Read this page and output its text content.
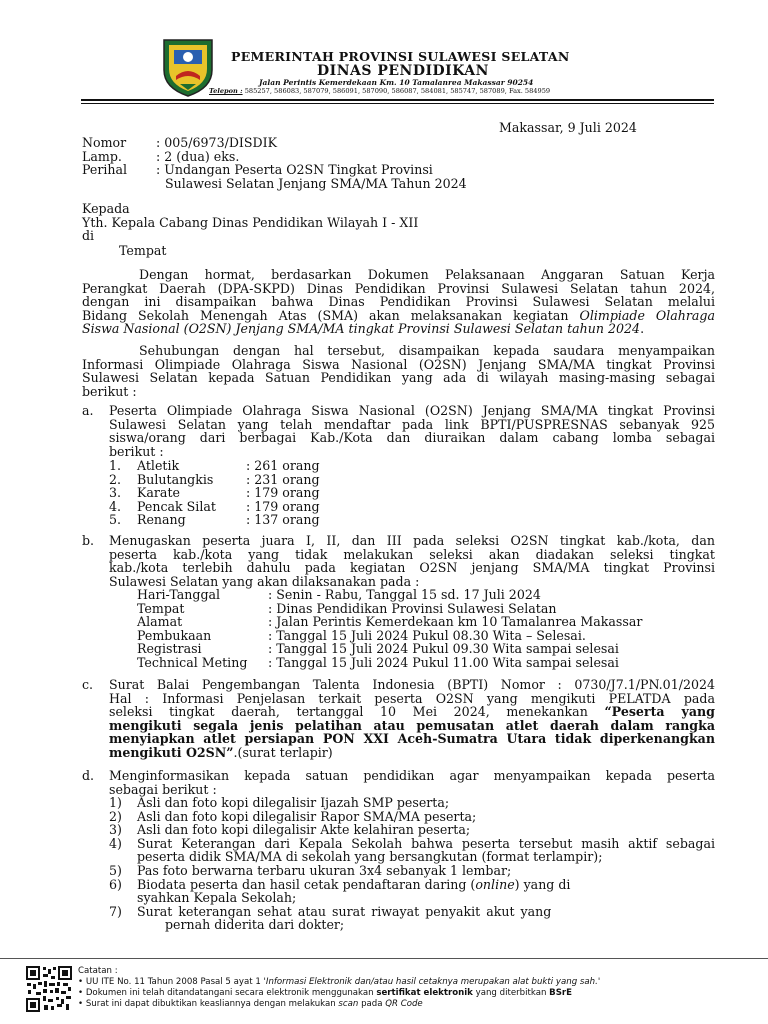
PEMERINTAH PROVINSI SULAWESI SELATAN
DINAS PENDIDIKAN
Jalan Perintis Kemerdekaan Km. 10 Tamalanrea Makassar 90254
Telepon : 585257, 586083, 587079, 586091, 587090, 586087, 584081, 585747, 587089, Fax. 584959
Makassar, 9 Juli 2024
Nomor : 005/6973/DISDIK
Lamp.	: 2 (dua) eks.
Perihal : Undangan Peserta O2SN Tingkat Provinsi
Sulawesi Selatan Jenjang SMA/MA Tahun 2024
Kepada
Yth. Kepala Cabang Dinas Pendidikan Wilayah I - XII
di
Tempat
Dengan hormat, berdasarkan Dokumen Pelaksanaan Anggaran Satuan Kerja
Perangkat Daerah (DPA-SKPD) Dinas Pendidikan Provinsi Sulawesi Selatan tahun 2024,
dengan ini disampaikan bahwa Dinas Pendidikan Provinsi Sulawesi Selatan melalui
Bidang Sekolah Menengah Atas (SMA) akan melaksanakan kegiatan Olimpiade Olahraga
Siswa Nasional (O2SN) Jenjang SMA/MA tingkat Provinsi Sulawesi Selatan tahun 2024.
Sehubungan dengan hal tersebut, disampaikan kepada saudara menyampaikan
Informasi Olimpiade Olahraga Siswa Nasional (O2SN) Jenjang SMA/MA tingkat Provinsi
Sulawesi Selatan kepada Satuan Pendidikan yang ada di wilayah masing-masing sebagai
berikut :
a. Peserta Olimpiade Olahraga Siswa Nasional (O2SN) Jenjang SMA/MA tingkat Provinsi
Sulawesi Selatan yang telah mendaftar pada link BPTI/PUSPRESNAS sebanyak 925
siswa/orang dari berbagai Kab./Kota dan diuraikan dalam cabang lomba sebagai
berikut :
1. Atletik	: 261 orang
2. Bulutangkis	: 231 orang
3. Karate	: 179 orang
4. Pencak Silat : 179 orang
5. Renang	: 137 orang
b. Menugaskan peserta juara I, II, dan III pada seleksi O2SN tingkat kab./kota, dan
peserta kab./kota yang tidak melakukan seleksi akan diadakan seleksi tingkat
kab./kota terlebih dahulu pada kegiatan O2SN jenjang SMA/MA tingkat Provinsi
Sulawesi Selatan yang akan dilaksanakan pada :
Hari-Tanggal	: Senin - Rabu, Tanggal 15 sd. 17 Juli 2024
Tempat	: Dinas Pendidikan Provinsi Sulawesi Selatan
Alamat	: Jalan Perintis Kemerdekaan km 10 Tamalanrea Makassar
Pembukaan	: Tanggal 15 Juli 2024 Pukul 08.30 Wita – Selesai.
Registrasi	: Tanggal 15 Juli 2024 Pukul 09.30 Wita sampai selesai
Technical Meting : Tanggal 15 Juli 2024 Pukul 11.00 Wita sampai selesai
c. Surat Balai Pengembangan Talenta Indonesia (BPTI) Nomor : 0730/J7.1/PN.01/2024
Hal : Informasi Penjelasan terkait peserta O2SN yang mengikuti PELATDA pada
seleksi tingkat daerah, tertanggal 10 Mei 2024, menekankan “Peserta yang
mengikuti segala jenis pelatihan atau pemusatan atlet daerah dalam rangka
menyiapkan atlet persiapan PON XXI Aceh-Sumatra Utara tidak diperkenangkan
mengikuti O2SN”.(surat terlapir)
d. Menginformasikan kepada satuan pendidikan agar menyampaikan kepada peserta
sebagai berikut :
1) Asli dan foto kopi dilegalisir Ijazah SMP peserta;
2) Asli dan foto kopi dilegalisir Rapor SMA/MA peserta;
3) Asli dan foto kopi dilegalisir Akte kelahiran peserta;
4) Surat Keterangan dari Kepala Sekolah bahwa peserta tersebut masih aktif sebagai
peserta didik SMA/MA di sekolah yang bersangkutan (format terlampir);
5) Pas foto berwarna terbaru ukuran 3x4 sebanyak 1 lembar;
6) Biodata peserta dan hasil cetak pendaftaran daring (online) yang di
syahkan Kepala Sekolah;
7) Surat keterangan sehat atau surat riwayat penyakit akut yang
pernah diderita dari dokter;
Catatan :
• UU ITE No. 11 Tahun 2008 Pasal 5 ayat 1 'Informasi Elektronik dan/atau hasil cetaknya merupakan alat bukti yang sah.'
• Dokumen ini telah ditandatangani secara elektronik menggunakan sertifikat elektronik yang diterbitkan BSrE
• Surat ini dapat dibuktikan keasliannya dengan melakukan scan pada QR Code
